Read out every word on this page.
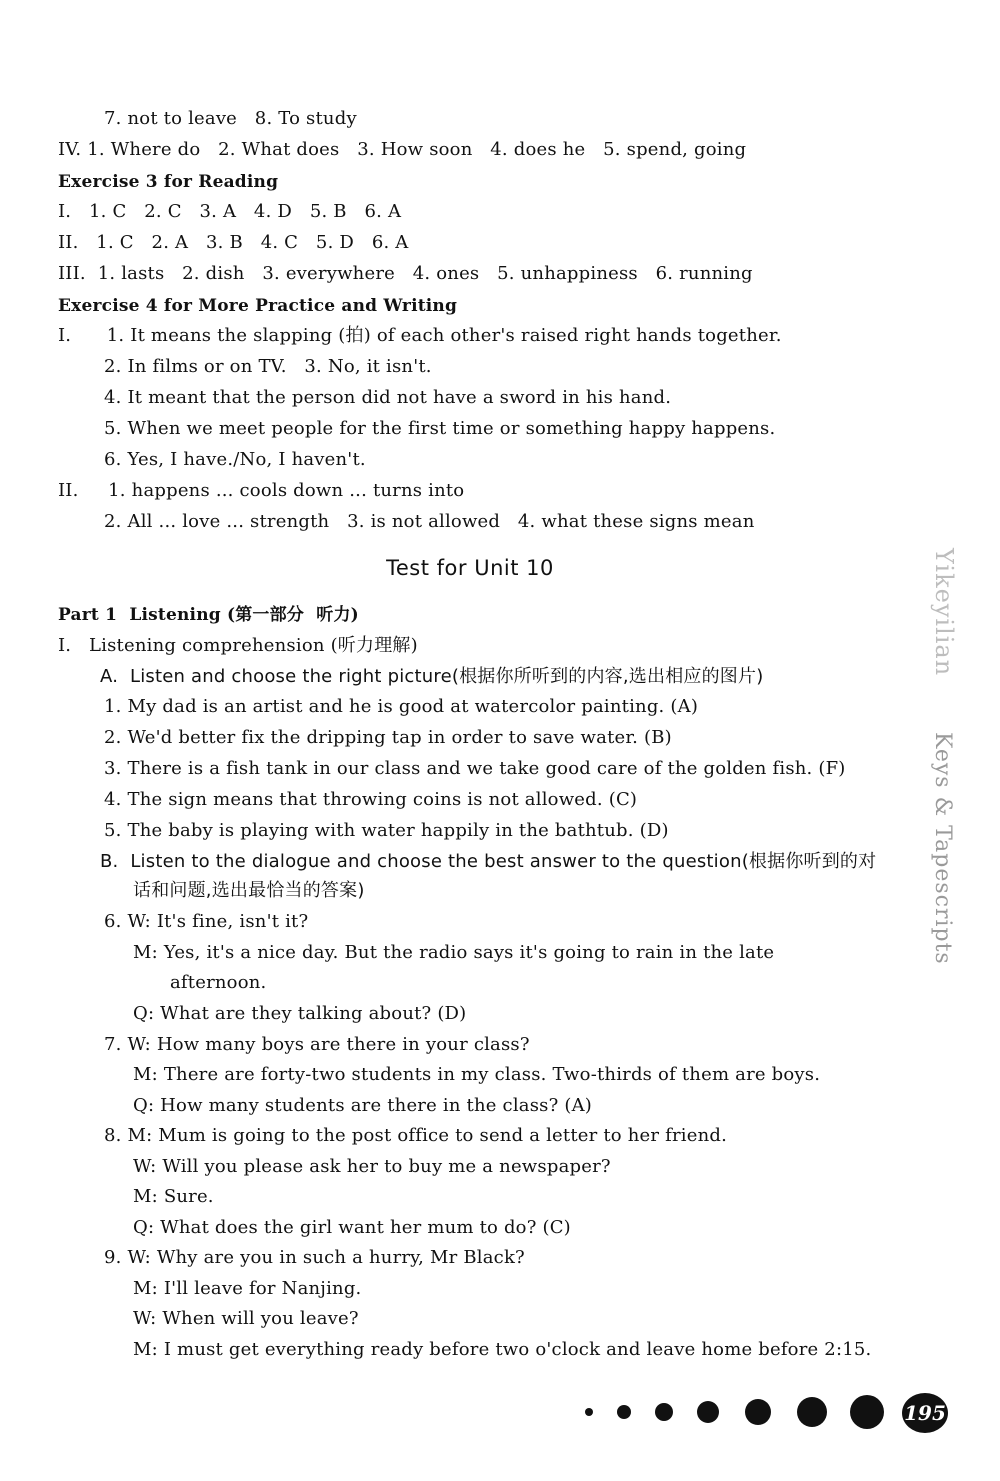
7. not to leave   8. To study
IV. 1. Where do   2. What does   3. How soon   4. does he   5. spend, going
Exercise 3 for Reading
I.   1. C   2. C   3. A   4. D   5. B   6. A
II.   1. C   2. A   3. B   4. C   5. D   6. A
III.  1. lasts   2. dish   3. everywhere   4. ones   5. unhappiness   6. running
Exercise 4 for More Practice and Writing
I.      1. It means the slapping (拍) of each other's raised right hands together.
2. In films or on TV.   3. No, it isn't.
4. It meant that the person did not have a sword in his hand.
5. When we meet people for the first time or something happy happens.
6. Yes, I have./No, I haven't.
II.     1. happens ... cools down ... turns into
2. All ... love ... strength   3. is not allowed   4. what these signs mean
Test for Unit 10
Part 1  Listening (第一部分  听力)
I.   Listening comprehension (听力理解)
A.  Listen and choose the right picture(根据你所听到的内容,选出相应的图片)
1. My dad is an artist and he is good at watercolor painting. (A)
2. We'd better fix the dripping tap in order to save water. (B)
3. There is a fish tank in our class and we take good care of the golden fish. (F)
4. The sign means that throwing coins is not allowed. (C)
5. The baby is playing with water happily in the bathtub. (D)
B.  Listen to the dialogue and choose the best answer to the question(根据你听到的对
话和问题,选出最恰当的答案)
6. W: It's fine, isn't it?
M: Yes, it's a nice day. But the radio says it's going to rain in the late
afternoon.
Q: What are they talking about? (D)
7. W: How many boys are there in your class?
M: There are forty-two students in my class. Two-thirds of them are boys.
Q: How many students are there in the class? (A)
8. M: Mum is going to the post office to send a letter to her friend.
W: Will you please ask her to buy me a newspaper?
M: Sure.
Q: What does the girl want her mum to do? (C)
9. W: Why are you in such a hurry, Mr Black?
M: I'll leave for Nanjing.
W: When will you leave?
M: I must get everything ready before two o'clock and leave home before 2:15.
Yikeyilian
Keys & Tapescripts
195
